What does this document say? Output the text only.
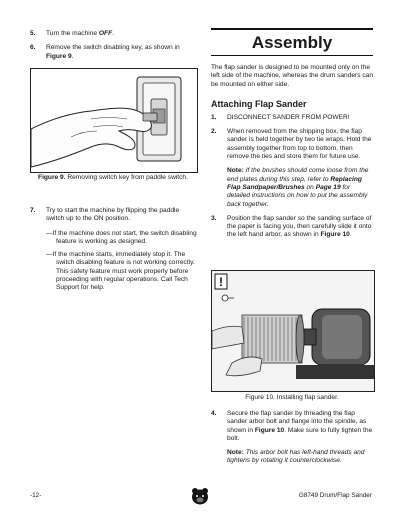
5. Turn the machine OFF.
6. Remove the switch disabling key, as shown in Figure 9.
Figure 9. Removing switch key from paddle switch.
7. Try to start the machine by flipping the paddle switch up to the ON position.
—If the machine does not start, the switch disabling feature is working as designed.
—If the machine starts, immediately stop it. The switch disabling feature is not working correctly. This safety feature must work properly before proceeding with regular operations. Call Tech Support for help.
Assembly
The flap sander is designed to be mounted only on the left side of the machine, whereas the drum sanders can be mounted on either side.
Attaching Flap Sander
1. DISCONNECT SANDER FROM POWER!
2. When removed from the shipping box, the flap sander is held together by two tie wraps. Hold the assembly together from top to bottom, then remove the ties and store them for future use.
Note: If the brushes should come loose from the end plates during this step, refer to Replacing Flap Sandpaper/Brushes on Page 19 for detailed instructions on how to put the assembly back together.
3. Position the flap sander so the sanding surface of the paper is facing you, then carefully slide it onto the left hand arbor, as shown in Figure 10.
!
Figure 10. Installing flap sander.
4. Secure the flap sander by threading the flap sander arbor bolt and flange into the spindle, as shown in Figure 10. Make sure to fully tighten the bolt.
Note: This arbor bolt has left-hand threads and tightens by rotating it counterclockwise.
-12-	G8749 Drum/Flap Sander
